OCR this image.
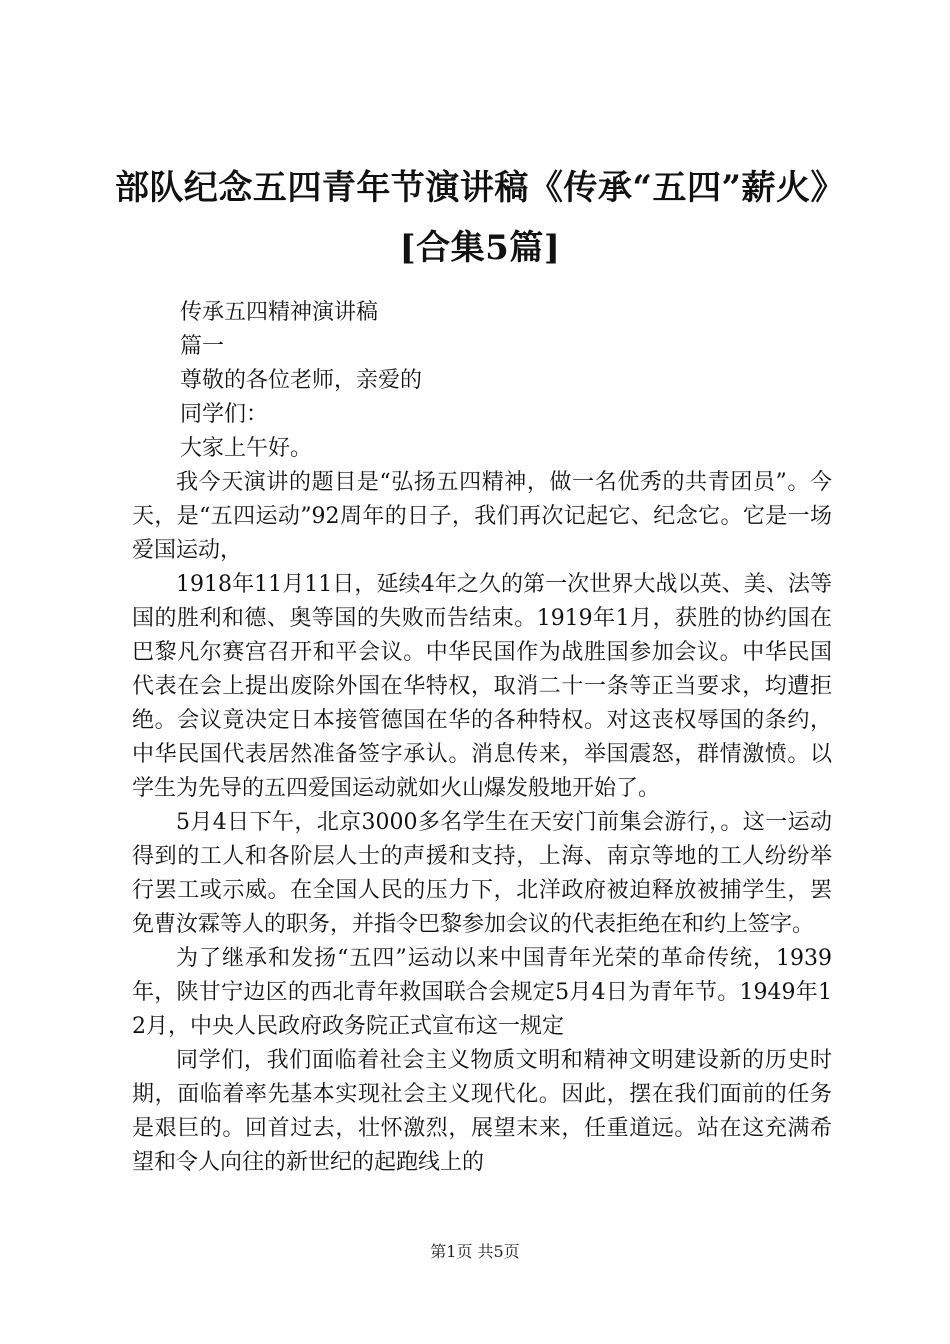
部队纪念五四青年节演讲稿《传承“五四”薪火》[合集5篇]

传承五四精神演讲稿

篇一

尊敬的各位老师，亲爱的

同学们：

大家上午好。

我今天演讲的题目是“弘扬五四精神，做一名优秀的共青团员”。今天，是“五四运动”92周年的日子，我们再次记起它、纪念它。它是一场爱国运动，

1918年11月11日，延续4年之久的第一次世界大战以英、美、法等国的胜利和德、奥等国的失败而告结束。1919年1月，获胜的协约国在巴黎凡尔赛宫召开和平会议。中华民国作为战胜国参加会议。中华民国代表在会上提出废除外国在华特权，取消二十一条等正当要求，均遭拒绝。会议竟决定日本接管德国在华的各种特权。对这丧权辱国的条约，中华民国代表居然准备签字承认。消息传来，举国震怒，群情激愤。以学生为先导的五四爱国运动就如火山爆发般地开始了。

5月4日下午，北京3000多名学生在天安门前集会游行，。这一运动得到的工人和各阶层人士的声援和支持，上海、南京等地的工人纷纷举行罢工或示威。在全国人民的压力下，北洋政府被迫释放被捕学生，罢免曹汝霖等人的职务，并指令巴黎参加会议的代表拒绝在和约上签字。

为了继承和发扬“五四”运动以来中国青年光荣的革命传统，1939年，陕甘宁边区的西北青年救国联合会规定5月4日为青年节。1949年12月，中央人民政府政务院正式宣布这一规定

同学们，我们面临着社会主义物质文明和精神文明建设新的历史时期，面临着率先基本实现社会主义现代化。因此，摆在我们面前的任务是艰巨的。回首过去，壮怀激烈，展望末来，任重道远。站在这充满希望和令人向往的新世纪的起跑线上的

第1页 共5页
